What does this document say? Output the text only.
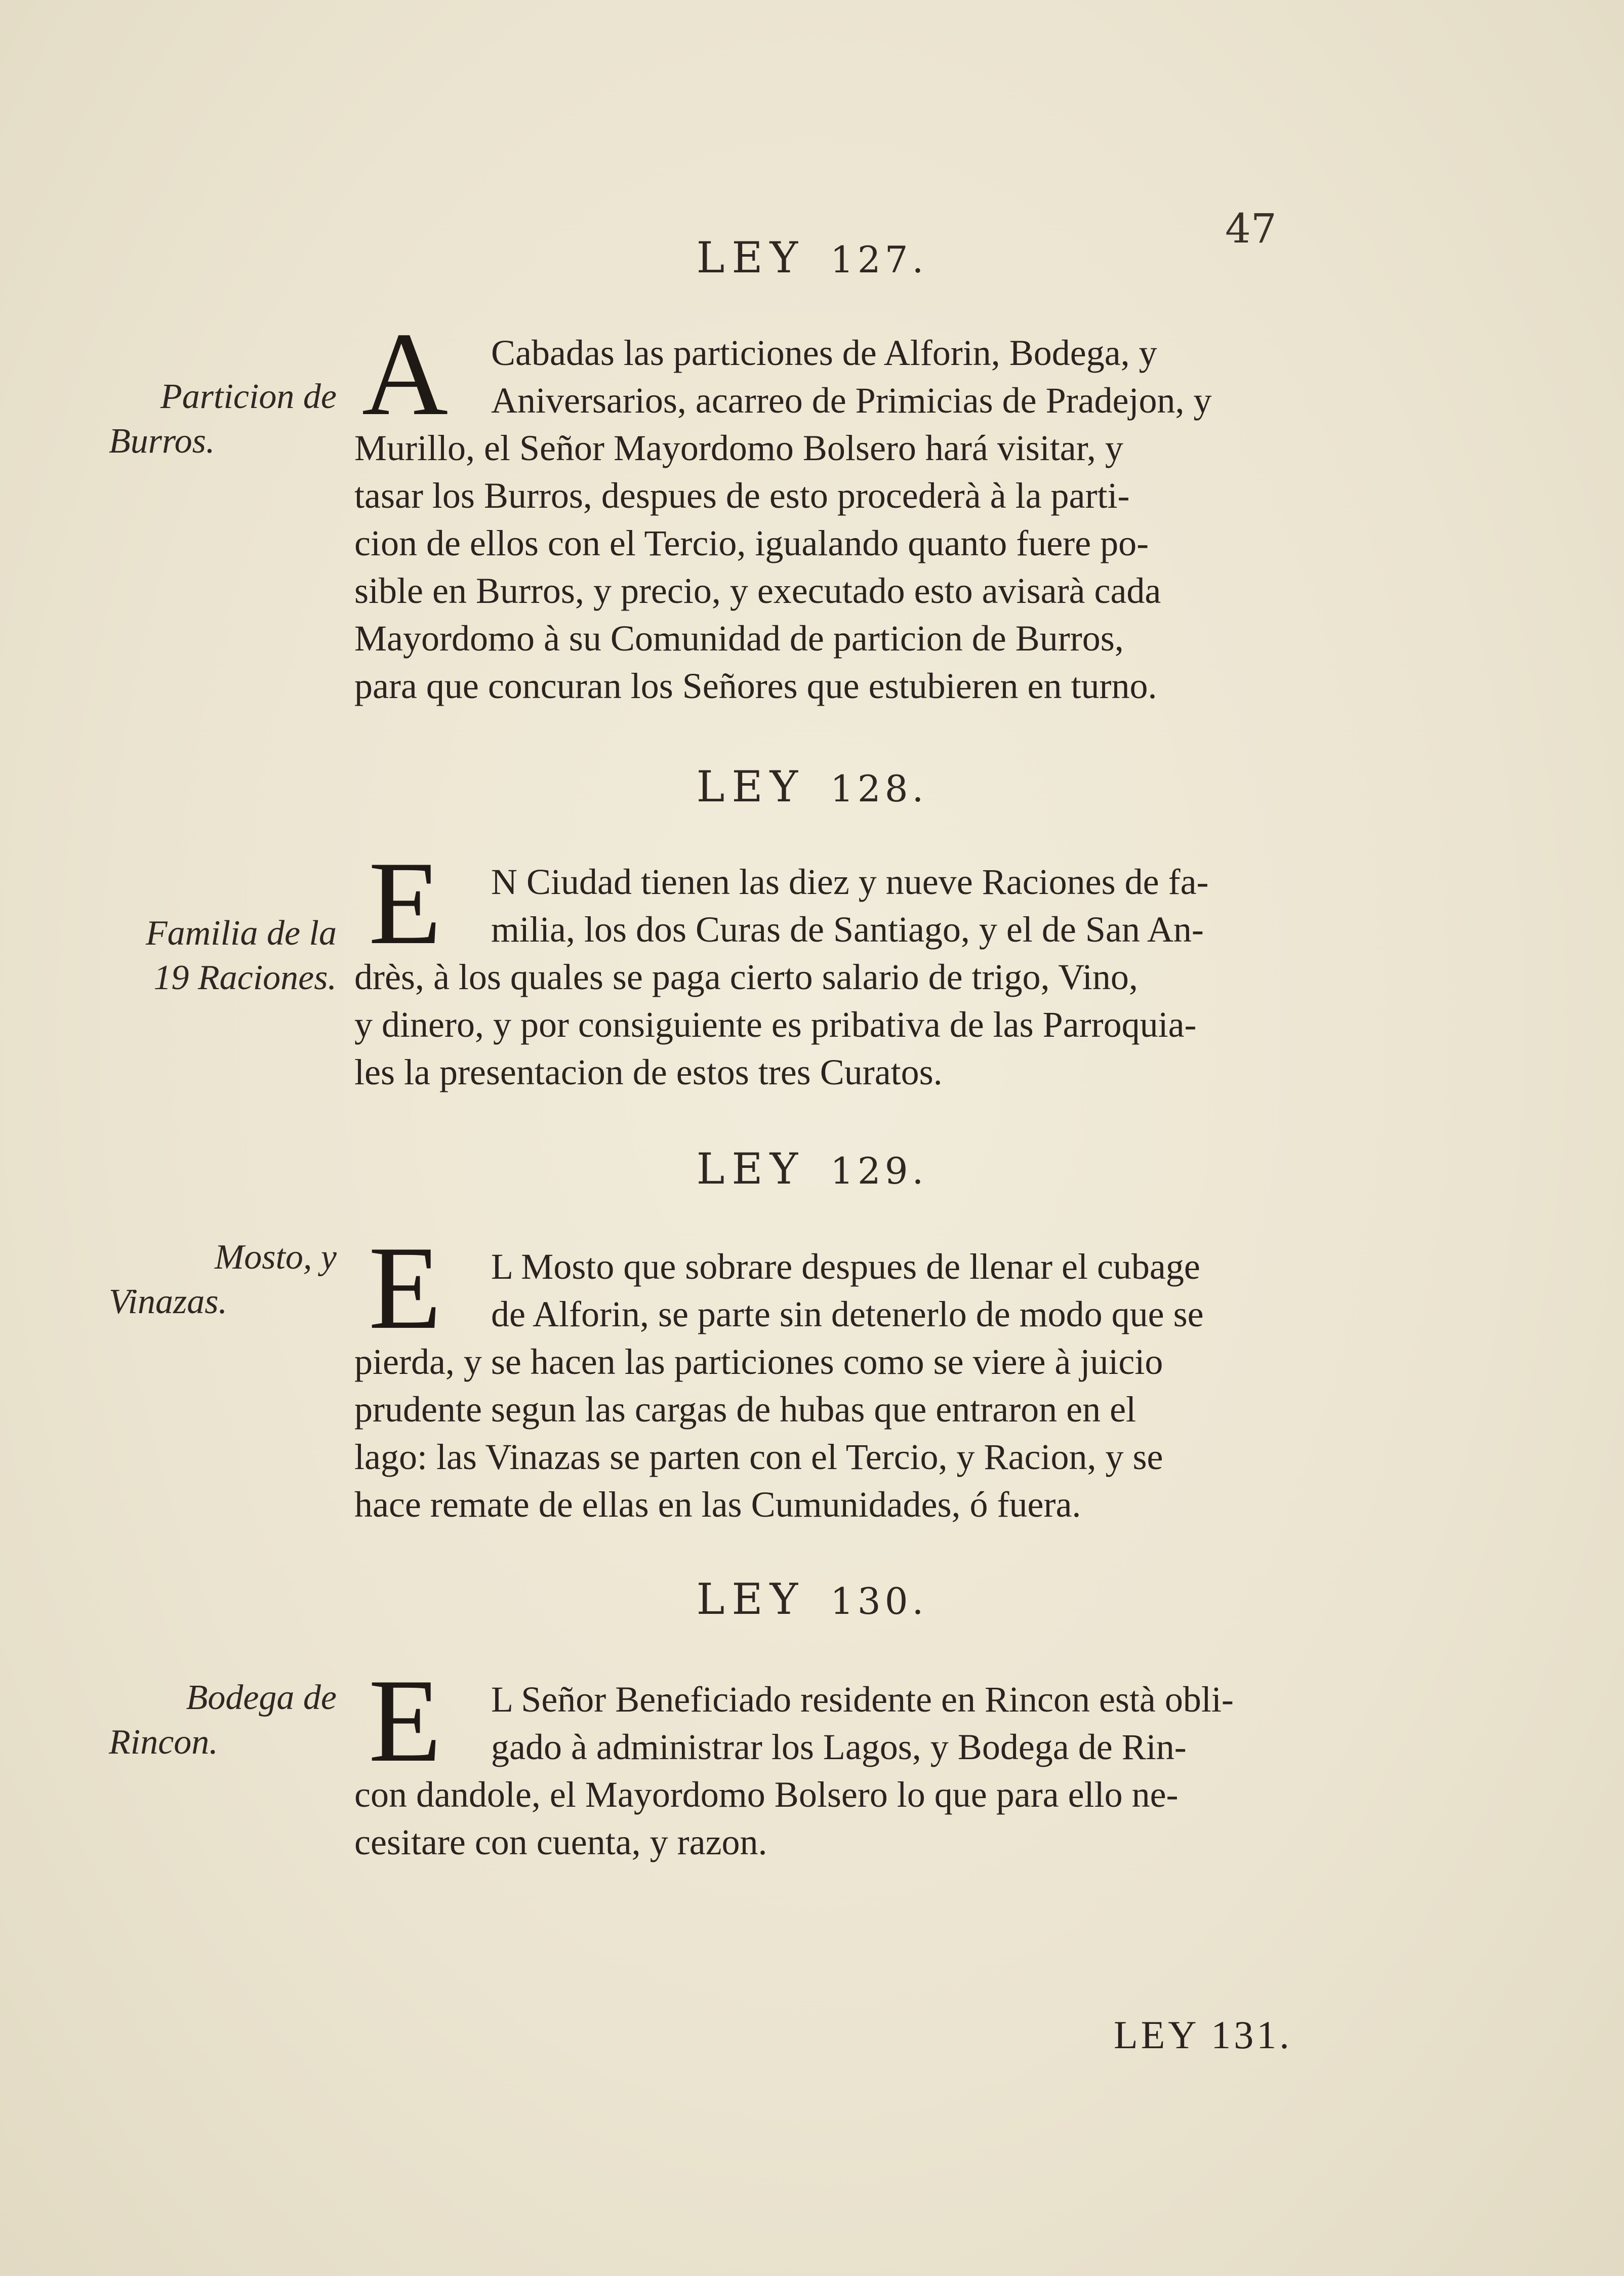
47
LEY 127.
Particion de
Burros.
A	Cabadas las particiones de Alforin, Bodega, y
Aniversarios, acarreo de Primicias de Pradejon, y
Murillo, el Señor Mayordomo Bolsero hará visitar, y
tasar los Burros, despues de esto procederà à la parti-
cion de ellos con el Tercio, igualando quanto fuere po-
sible en Burros, y precio, y executado esto avisarà cada
Mayordomo à su Comunidad de particion de Burros,
para que concuran los Señores que estubieren en turno.
LEY 128.
Familia de la
19 Raciones.
E	N Ciudad tienen las diez y nueve Raciones de fa-
milia, los dos Curas de Santiago, y el de San An-
drès, à los quales se paga cierto salario de trigo, Vino,
y dinero, y por consiguiente es pribativa de las Parroquia-
les la presentacion de estos tres Curatos.
LEY 129.
Mosto, y
Vinazas.	E	L Mosto que sobrare despues de llenar el cubage
de Alforin, se parte sin detenerlo de modo que se
pierda, y se hacen las particiones como se viere à juicio
prudente segun las cargas de hubas que entraron en el
lago: las Vinazas se parten con el Tercio, y Racion, y se
hace remate de ellas en las Cumunidades, ó fuera.
LEY 130.
Bodega de
Rincon.	E	L Señor Beneficiado residente en Rincon està obli-
gado à administrar los Lagos, y Bodega de Rin-
con dandole, el Mayordomo Bolsero lo que para ello ne-
cesitare con cuenta, y razon.
LEY 131.
